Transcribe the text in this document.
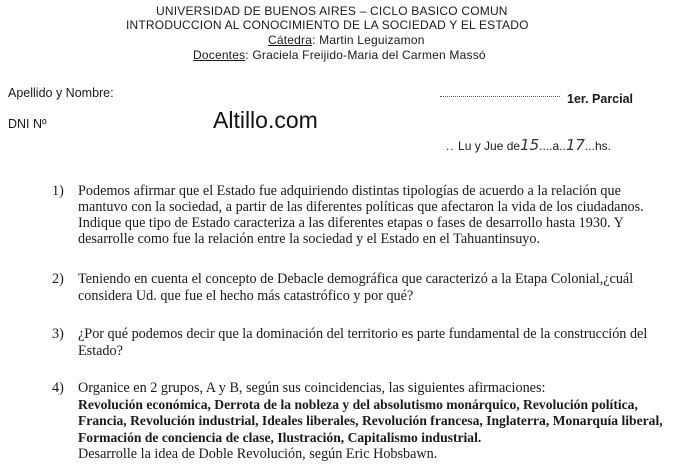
UNIVERSIDAD DE BUENOS AIRES – CICLO BASICO COMUN
INTRODUCCION AL CONOCIMIENTO DE LA SOCIEDAD Y EL ESTADO
Cátedra: Martin Leguizamon
Docentes: Graciela Freijido-Maria del Carmen Massó
Apellido y Nombre:	1er. Parcial
DNI Nº	Altillo.com
.. Lu y Jue de15....a..17...hs.
1) Podemos afirmar que el Estado fue adquiriendo distintas tipologías de acuerdo a la relación que
mantuvo con la sociedad, a partir de las diferentes políticas que afectaron la vida de los ciudadanos.
Indique que tipo de Estado caracteriza a las diferentes etapas o fases de desarrollo hasta 1930. Y
desarrolle como fue la relación entre la sociedad y el Estado en el Tahuantinsuyo.
2) Teniendo en cuenta el concepto de Debacle demográfica que caracterizó a la Etapa Colonial,¿cuál
considera Ud. que fue el hecho más catastrófico y por qué?
3) ¿Por qué podemos decir que la dominación del territorio es parte fundamental de la construcción del
Estado?
4) Organice en 2 grupos, A y B, según sus coincidencias, las siguientes afirmaciones:
Revolución económica, Derrota de la nobleza y del absolutismo monárquico, Revolución política,
Francia, Revolución industrial, Ideales liberales, Revolución francesa, Inglaterra, Monarquía liberal,
Formación de conciencia de clase, Ilustración, Capitalismo industrial.
Desarrolle la idea de Doble Revolución, según Eric Hobsbawn.
